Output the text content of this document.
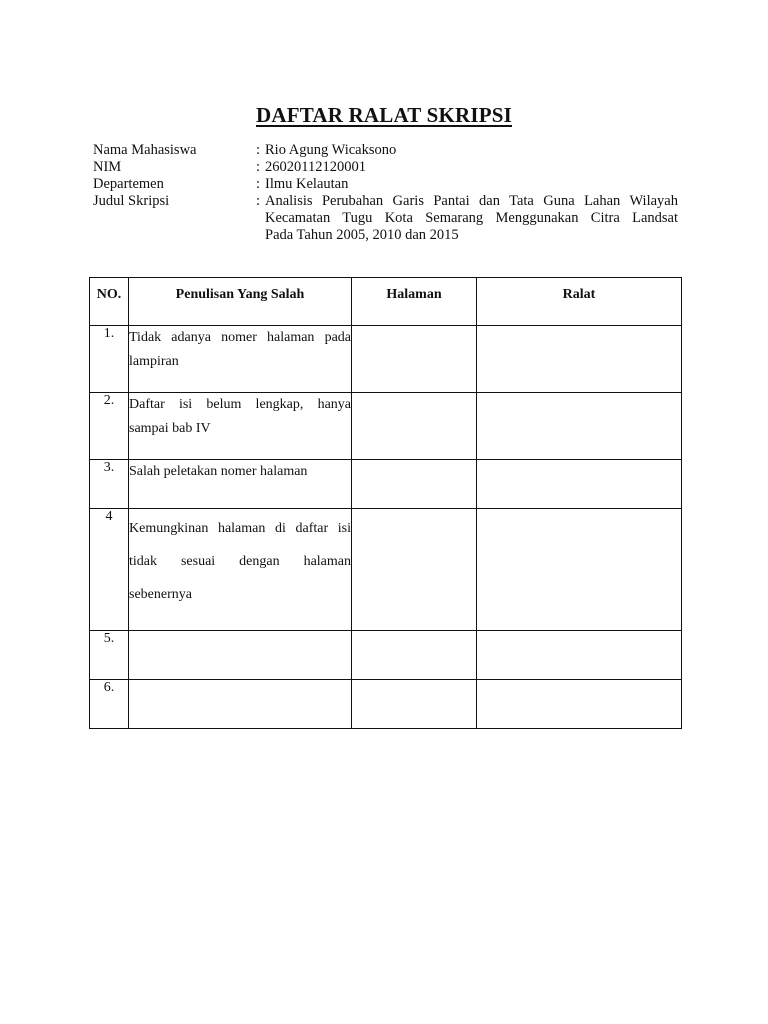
DAFTAR RALAT SKRIPSI
Nama Mahasiswa	: Rio Agung Wicaksono
NIM	: 26020112120001
Departemen	: Ilmu Kelautan
Judul Skripsi	: Analisis Perubahan Garis Pantai dan Tata Guna Lahan Wilayah
Kecamatan Tugu Kota Semarang Menggunakan Citra Landsat
Pada Tahun 2005, 2010 dan 2015
NO.	Penulisan Yang Salah	Halaman	Ralat
1.	Tidak adanya nomer halaman pada lampiran		
2.	Daftar isi belum lengkap, hanya sampai bab IV		
3.	Salah peletakan nomer halaman		
4	Kemungkinan halaman di daftar isi tidak sesuai dengan halaman sebenernya		
5.			
6.			
